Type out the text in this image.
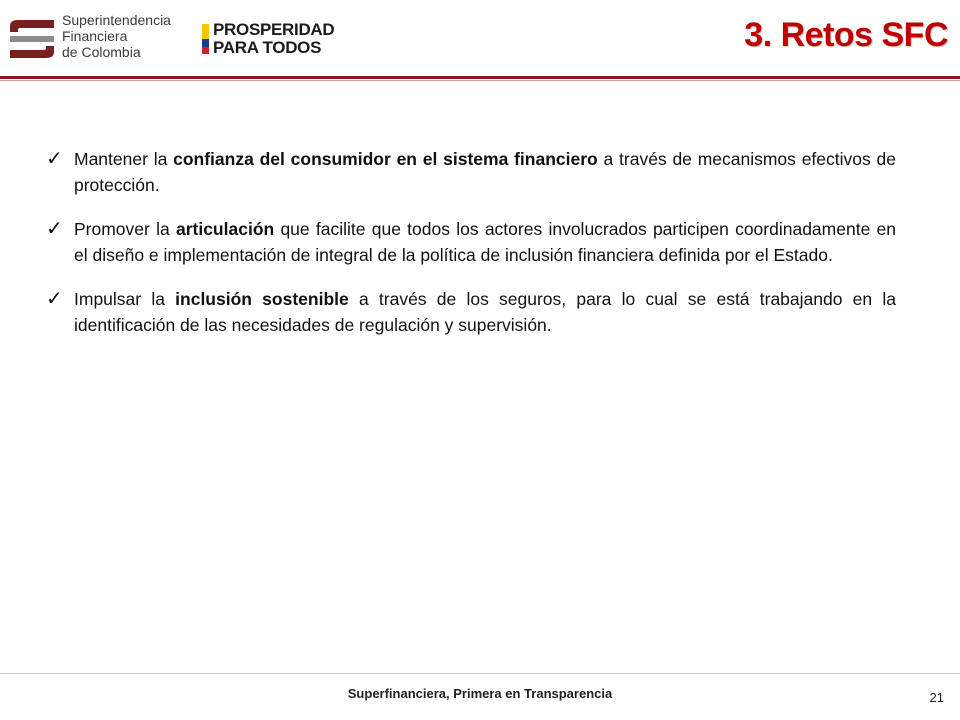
Superintendencia
Financiera
de Colombia
PROSPERIDAD
PARA TODOS	3. Retos SFC
✓ Mantener la confianza del consumidor en el sistema financiero a través de mecanismos efectivos de protección.
✓ Promover la articulación que facilite que todos los actores involucrados participen coordinadamente en el diseño e implementación de integral de la política de inclusión financiera definida por el Estado.
✓ Impulsar la inclusión sostenible a través de los seguros, para lo cual se está trabajando en la identificación de las necesidades de regulación y supervisión.
Superfinanciera, Primera en Transparencia	21
